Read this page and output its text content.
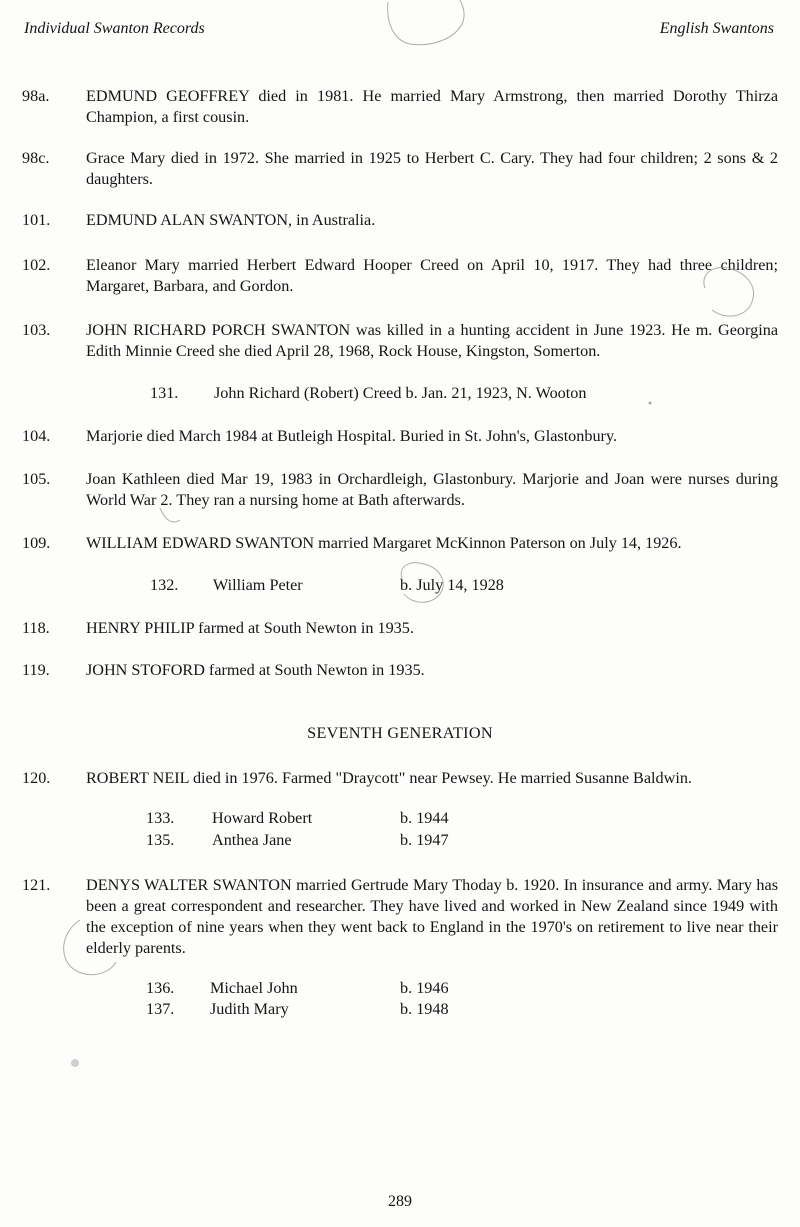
Individual Swanton Records	English Swantons
98a.	EDMUND GEOFFREY died in 1981. He married Mary Armstrong, then married Dorothy Thirza Champion, a first cousin.
98c.	Grace Mary died in 1972. She married in 1925 to Herbert C. Cary. They had four children; 2 sons & 2 daughters.
101.	EDMUND ALAN SWANTON, in Australia.
102.	Eleanor Mary married Herbert Edward Hooper Creed on April 10, 1917. They had three children; Margaret, Barbara, and Gordon.
103.	JOHN RICHARD PORCH SWANTON was killed in a hunting accident in June 1923. He m. Georgina Edith Minnie Creed she died April 28, 1968, Rock House, Kingston, Somerton.
131. John Richard (Robert) Creed b. Jan. 21, 1923, N. Wooton
104.	Marjorie died March 1984 at Butleigh Hospital. Buried in St. John's, Glastonbury.
105.	Joan Kathleen died Mar 19, 1983 in Orchardleigh, Glastonbury. Marjorie and Joan were nurses during World War 2. They ran a nursing home at Bath afterwards.
109.	WILLIAM EDWARD SWANTON married Margaret McKinnon Paterson on July 14, 1926.
132. William Peter	b. July 14, 1928
118.	HENRY PHILIP farmed at South Newton in 1935.
119.	JOHN STOFORD farmed at South Newton in 1935.
SEVENTH GENERATION
120.	ROBERT NEIL died in 1976. Farmed "Draycott" near Pewsey. He married Susanne Baldwin.
133. Howard Robert	b. 1944
135. Anthea Jane	b. 1947
121.	DENYS WALTER SWANTON married Gertrude Mary Thoday b. 1920. In insurance and army. Mary has been a great correspondent and researcher. They have lived and worked in New Zealand since 1949 with the exception of nine years when they went back to England in the 1970's on retirement to live near their elderly parents.
136. Michael John	b. 1946
137. Judith Mary	b. 1948
289
